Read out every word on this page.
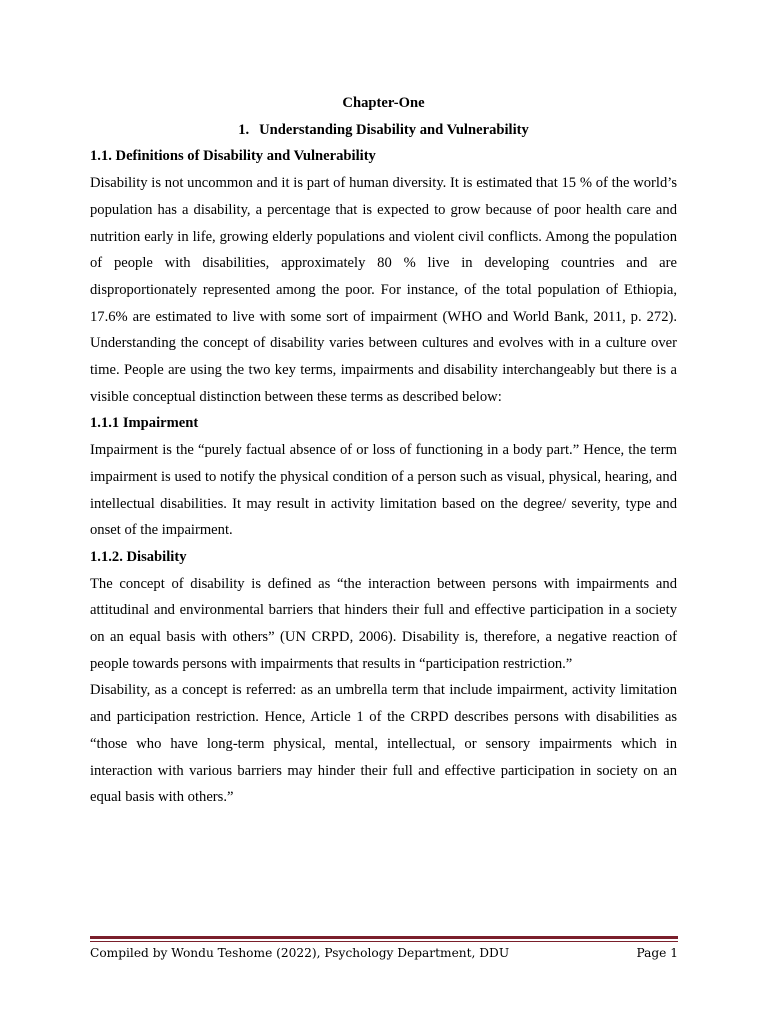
Chapter-One
1. Understanding Disability and Vulnerability
1.1. Definitions of Disability and Vulnerability

Disability is not uncommon and it is part of human diversity. It is estimated that 15 % of the world’s population has a disability, a percentage that is expected to grow because of poor health care and nutrition early in life, growing elderly populations and violent civil conflicts. Among the population of people with disabilities, approximately 80 % live in developing countries and are disproportionately represented among the poor. For instance, of the total population of Ethiopia, 17.6% are estimated to live with some sort of impairment (WHO and World Bank, 2011, p. 272). Understanding the concept of disability varies between cultures and evolves with in a culture over time. People are using the two key terms, impairments and disability interchangeably but there is a visible conceptual distinction between these terms as described below:

1.1.1 Impairment

Impairment is the “purely factual absence of or loss of functioning in a body part.” Hence, the term impairment is used to notify the physical condition of a person such as visual, physical, hearing, and intellectual disabilities. It may result in activity limitation based on the degree/ severity, type and onset of the impairment.

1.1.2. Disability

The concept of disability is defined as “the interaction between persons with impairments and attitudinal and environmental barriers that hinders their full and effective participation in a society on an equal basis with others” (UN CRPD, 2006). Disability is, therefore, a negative reaction of people towards persons with impairments that results in “participation restriction.”

Disability, as a concept is referred: as an umbrella term that include impairment, activity limitation and participation restriction. Hence, Article 1 of the CRPD describes persons with disabilities as “those who have long-term physical, mental, intellectual, or sensory impairments which in interaction with various barriers may hinder their full and effective participation in society on an equal basis with others.”

Compiled by Wondu Teshome (2022), Psychology Department, DDU	Page 1
